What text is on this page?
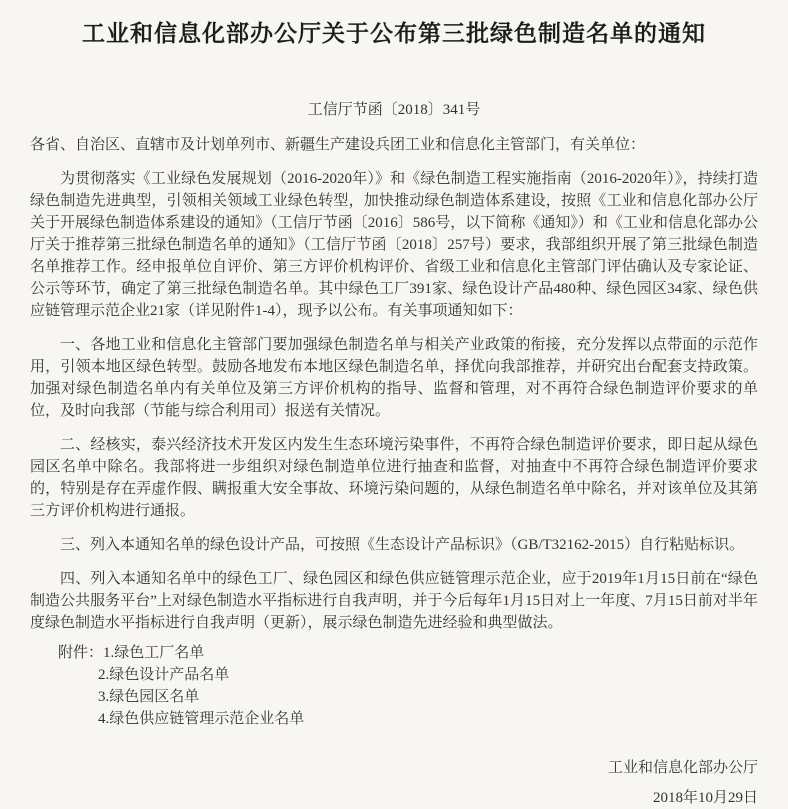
工业和信息化部办公厅关于公布第三批绿色制造名单的通知
工信厅节函〔2018〕341号
各省、自治区、直辖市及计划单列市、新疆生产建设兵团工业和信息化主管部门，有关单位：

为贯彻落实《工业绿色发展规划（2016-2020年）》和《绿色制造工程实施指南（2016-2020年）》，持续打造绿色制造先进典型，引领相关领域工业绿色转型，加快推动绿色制造体系建设，按照《工业和信息化部办公厅关于开展绿色制造体系建设的通知》（工信厅节函〔2016〕586号，以下简称《通知》）和《工业和信息化部办公厅关于推荐第三批绿色制造名单的通知》（工信厅节函〔2018〕257号）要求，我部组织开展了第三批绿色制造名单推荐工作。经申报单位自评价、第三方评价机构评价、省级工业和信息化主管部门评估确认及专家论证、公示等环节，确定了第三批绿色制造名单。其中绿色工厂391家、绿色设计产品480种、绿色园区34家、绿色供应链管理示范企业21家（详见附件1-4），现予以公布。有关事项通知如下：

一、各地工业和信息化主管部门要加强绿色制造名单与相关产业政策的衔接，充分发挥以点带面的示范作用，引领本地区绿色转型。鼓励各地发布本地区绿色制造名单，择优向我部推荐，并研究出台配套支持政策。加强对绿色制造名单内有关单位及第三方评价机构的指导、监督和管理，对不再符合绿色制造评价要求的单位，及时向我部（节能与综合利用司）报送有关情况。

二、经核实，泰兴经济技术开发区内发生生态环境污染事件，不再符合绿色制造评价要求，即日起从绿色园区名单中除名。我部将进一步组织对绿色制造单位进行抽查和监督，对抽查中不再符合绿色制造评价要求的，特别是存在弄虚作假、瞒报重大安全事故、环境污染问题的，从绿色制造名单中除名，并对该单位及其第三方评价机构进行通报。

三、列入本通知名单的绿色设计产品，可按照《生态设计产品标识》（GB/T32162-2015）自行粘贴标识。

四、列入本通知名单中的绿色工厂、绿色园区和绿色供应链管理示范企业，应于2019年1月15日前在“绿色制造公共服务平台”上对绿色制造水平指标进行自我声明，并于今后每年1月15日对上一年度、7月15日前对半年度绿色制造水平指标进行自我声明（更新），展示绿色制造先进经验和典型做法。

附件：1.绿色工厂名单
2.绿色设计产品名单
3.绿色园区名单
4.绿色供应链管理示范企业名单
工业和信息化部办公厅
2018年10月29日
